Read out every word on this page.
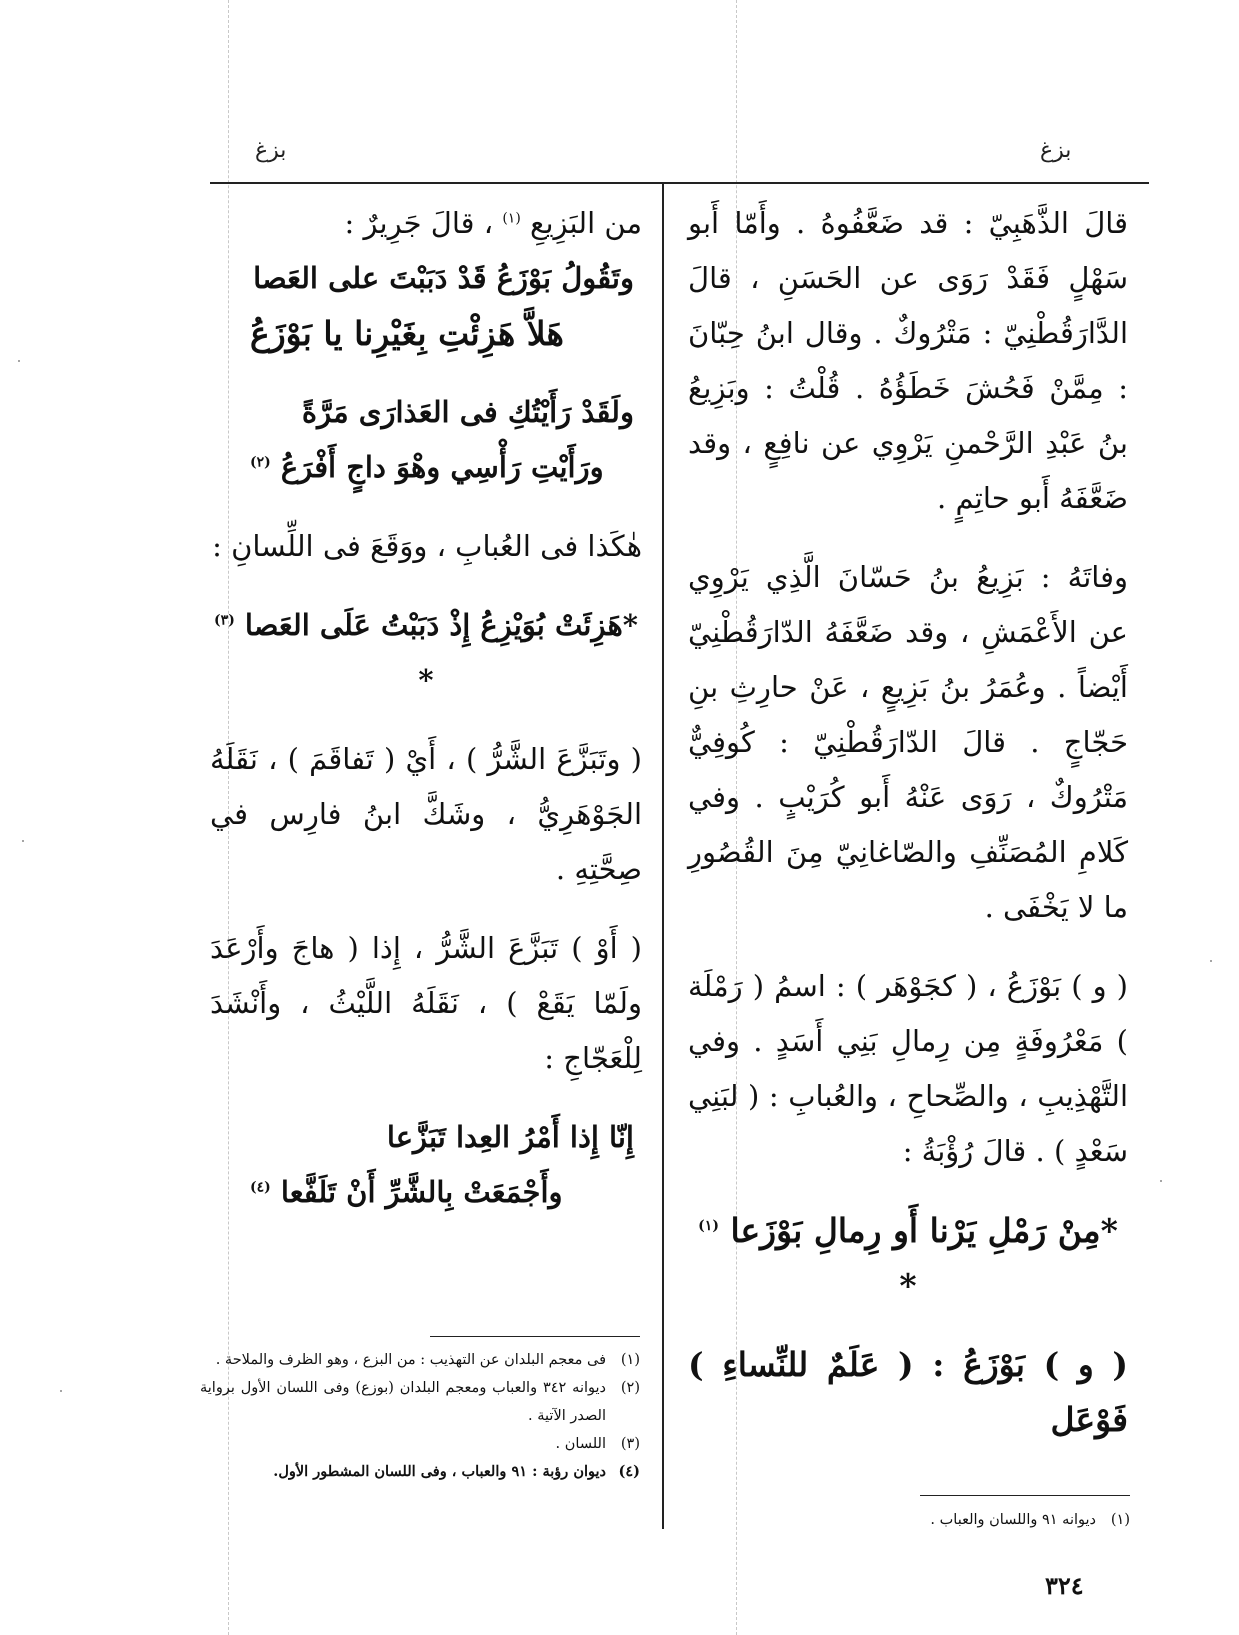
بزغ
بزغ

قالَ الذَّهَبِيّ : قد ضَعَّفُوهُ . وأَمّا أَبو سَهْلٍ فَقَدْ رَوَى عن الحَسَنِ ، قالَ الدَّارَقُطْنِيّ : مَتْرُوكٌ . وقال ابنُ حِبّانَ : مِمَّنْ فَحُشَ خَطَؤُهُ . قُلْتُ : وبَزِيعُ بنُ عَبْدِ الرَّحْمنِ يَرْوِي عن نافِعٍ ، وقد ضَعَّفَهُ أَبو حاتِمٍ .

وفاتَهُ : بَزِيعُ بنُ حَسّانَ الَّذِي يَرْوِي عن الأَعْمَشِ ، وقد ضَعَّفَهُ الدّارَقُطْنِيّ أَيْضاً . وعُمَرُ بنُ بَزِيعٍ ، عَنْ حارِثِ بنِ حَجّاجٍ . قالَ الدّارَقُطْنِيّ : كُوفِيٌّ مَتْرُوكٌ ، رَوَى عَنْهُ أَبو كُرَيْبٍ . وفي كَلامِ المُصَنِّفِ والصّاغانِيّ مِنَ القُصُورِ ما لا يَخْفَى .

( و ) بَوْزَعُ ، ( كجَوْهَر ) : اسمُ ( رَمْلَة ) مَعْرُوفَةٍ مِن رِمالِ بَنِي أَسَدٍ . وفي التَّهْذِيبِ ، والصِّحاحِ ، والعُبابِ : ( لبَنِي سَعْدٍ ) . قالَ رُؤْبَةُ :

*مِنْ رَمْلِ يَرْنا أَو رِمالِ بَوْزَعا $^{(١)}$ *

( و ) بَوْزَعُ : ( عَلَمٌ للنِّساءِ ) فَوْعَل

من البَزِيعِ $^{(١)}$ ، قالَ جَرِيرٌ :

وتَقُولُ بَوْزَعُ قَدْ دَبَبْتَ على العَصا

هَلاَّ هَزِئْتِ بِغَيْرِنا يا بَوْزَعُ

ولَقَدْ رَأَيْتُكِ فى العَذارَى مَرَّةً

ورَأَيْتِ رَأْسِي وهْوَ داجٍ أَفْرَعُ $^{(٢)}$

هٰكَذا فى العُبابِ ، ووَقَعَ فى اللِّسانِ :

*هَزِئَتْ بُوَيْزِعُ إِذْ دَبَبْتُ عَلَى العَصا $^{(٣)}$ *

( وتَبَزَّعَ الشَّرُّ ) ، أَيْ ( تَفاقَمَ ) ، نَقَلَهُ الجَوْهَرِيُّ ، وشَكَّ ابنُ فارِس في صِحَّتِهِ .

( أَوْ ) تَبَزَّعَ الشَّرُّ ، إِذا ( هاجَ وأَرْعَدَ ولَمّا يَقَعْ ) ، نَقَلَهُ اللَّيْثُ ، وأَنْشَدَ لِلْعَجّاجِ :

إِنّا إِذا أَمْرُ العِدا تَبَزَّعا

وأَجْمَعَتْ بِالشَّرِّ أَنْ تَلَفَّعا $^{(٤)}$

(١)
فى معجم البلدان عن التهذيب : من البزع ، وهو الظرف والملاحة .
(٢)
ديوانه ٣٤٢ والعباب ومعجم البلدان (بوزع) وفى اللسان الأول برواية الصدر الآتية .
(٣)
اللسان .
(٤)
ديوان رؤبة : ٩١ والعباب ، وفى اللسان المشطور الأول.
(١)
ديوانه ٩١ واللسان والعباب .
٣٢٤
